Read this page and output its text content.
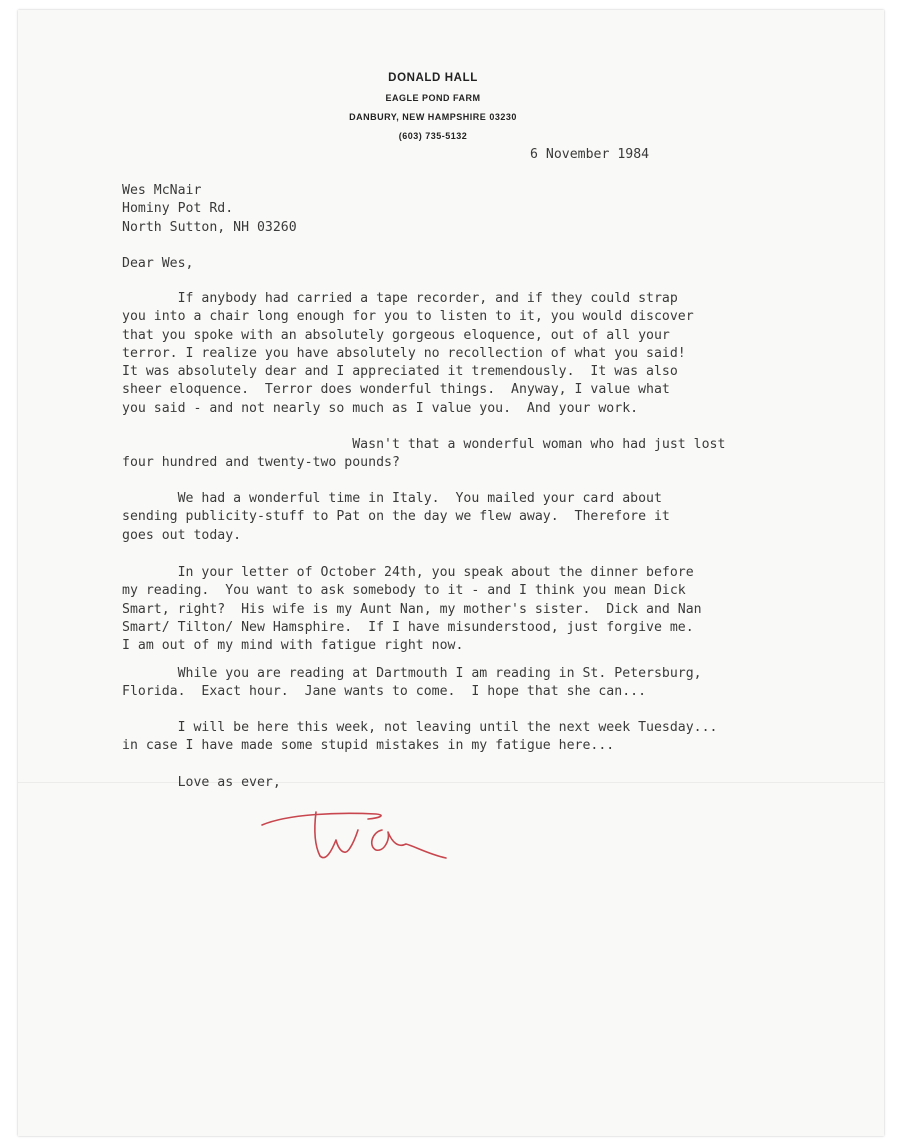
DONALD HALL
EAGLE POND FARM
DANBURY, NEW HAMPSHIRE 03230
(603) 735-5132

6 November 1984

Wes McNair
Hominy Pot Rd.
North Sutton, NH 03260

Dear Wes,

If anybody had carried a tape recorder, and if they could strap
you into a chair long enough for you to listen to it, you would discover
that you spoke with an absolutely gorgeous eloquence, out of all your
terror. I realize you have absolutely no recollection of what you said!
It was absolutely dear and I appreciated it tremendously.  It was also
sheer eloquence.  Terror does wonderful things.  Anyway, I value what
you said - and not nearly so much as I value you.  And your work.

Wasn't that a wonderful woman who had just lost
four hundred and twenty-two pounds?

We had a wonderful time in Italy.  You mailed your card about
sending publicity-stuff to Pat on the day we flew away.  Therefore it
goes out today.

In your letter of October 24th, you speak about the dinner before
my reading.  You want to ask somebody to it - and I think you mean Dick
Smart, right?  His wife is my Aunt Nan, my mother's sister.  Dick and Nan
Smart/ Tilton/ New Hamsphire.  If I have misunderstood, just forgive me.
I am out of my mind with fatigue right now.

While you are reading at Dartmouth I am reading in St. Petersburg,
Florida.  Exact hour.  Jane wants to come.  I hope that she can...

I will be here this week, not leaving until the next week Tuesday...
in case I have made some stupid mistakes in my fatigue here...

Love as ever,
